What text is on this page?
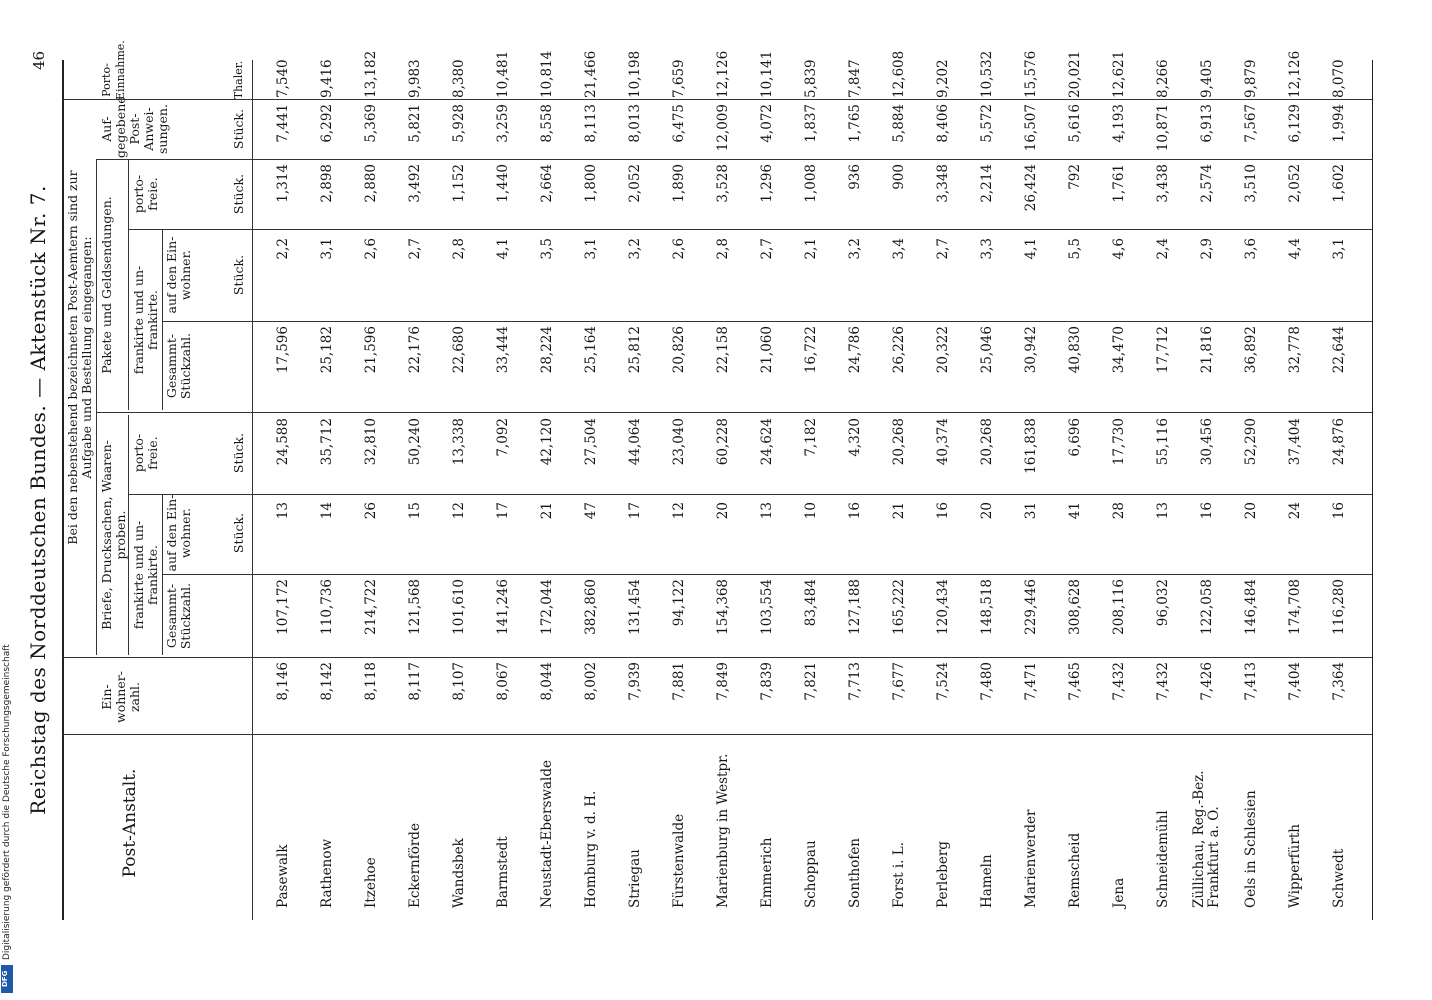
Reichstag des Norddeutschen Bundes. — Aktenstück Nr. 7.
46
Post-Anstalt.
Ein-
wohner-
zahl.
Bei den nebenstehend bezeichneten Post-Aemtern sind zur
Aufgabe und Bestellung eingegangen:
Briefe, Drucksachen, Waaren-
proben.
Pakete und Geldsendungen.
frankirte und un-
frankirte.
frankirte und un-
frankirte.
Gesammt-
Stückzahl.
auf den Ein-
wohner.
porto-
freie.
Gesammt-
Stückzahl.
auf den Ein-
wohner.
porto-
freie.
Auf-
gegebene
Post-
Anwei-
sungen.
Porto-
Einnahme.
Stück.
Stück.
Stück.
Stück.
Stück.
Thaler.
Pasewalk
8,146
107,172
13
24,588
17,596
2,2
1,314
7,441
7,540
Rathenow
8,142
110,736
14
35,712
25,182
3,1
2,898
6,292
9,416
Itzehoe
8,118
214,722
26
32,810
21,596
2,6
2,880
5,369
13,182
Eckernförde
8,117
121,568
15
50,240
22,176
2,7
3,492
5,821
9,983
Wandsbek
8,107
101,610
12
13,338
22,680
2,8
1,152
5,928
8,380
Barmstedt
8,067
141,246
17
7,092
33,444
4,1
1,440
3,259
10,481
Neustadt-Eberswalde
8,044
172,044
21
42,120
28,224
3,5
2,664
8,558
10,814
Homburg v. d. H.
8,002
382,860
47
27,504
25,164
3,1
1,800
8,113
21,466
Striegau
7,939
131,454
17
44,064
25,812
3,2
2,052
8,013
10,198
Fürstenwalde
7,881
94,122
12
23,040
20,826
2,6
1,890
6,475
7,659
Marienburg in Westpr.
7,849
154,368
20
60,228
22,158
2,8
3,528
12,009
12,126
Emmerich
7,839
103,554
13
24,624
21,060
2,7
1,296
4,072
10,141
Schoppau
7,821
83,484
10
7,182
16,722
2,1
1,008
1,837
5,839
Sonthofen
7,713
127,188
16
4,320
24,786
3,2
936
1,765
7,847
Forst i. L.
7,677
165,222
21
20,268
26,226
3,4
900
5,884
12,608
Perleberg
7,524
120,434
16
40,374
20,322
2,7
3,348
8,406
9,202
Hameln
7,480
148,518
20
20,268
25,046
3,3
2,214
5,572
10,532
Marienwerder
7,471
229,446
31
161,838
30,942
4,1
26,424
16,507
15,576
Remscheid
7,465
308,628
41
6,696
40,830
5,5
792
5,616
20,021
Jena
7,432
208,116
28
17,730
34,470
4,6
1,761
4,193
12,621
Schneidemühl
7,432
96,032
13
55,116
17,712
2,4
3,438
10,871
8,266
Züllichau, Reg.-Bez. Frankfurt a. O.
7,426
122,058
16
30,456
21,816
2,9
2,574
6,913
9,405
Oels in Schlesien
7,413
146,484
20
52,290
36,892
3,6
3,510
7,567
9,879
Wipperfürth
7,404
174,708
24
37,404
32,778
4,4
2,052
6,129
12,126
Schwedt
7,364
116,280
16
24,876
22,644
3,1
1,602
1,994
8,070
Digitalisierung gefördert durch die Deutsche Forschungsgemeinschaft
DFG
